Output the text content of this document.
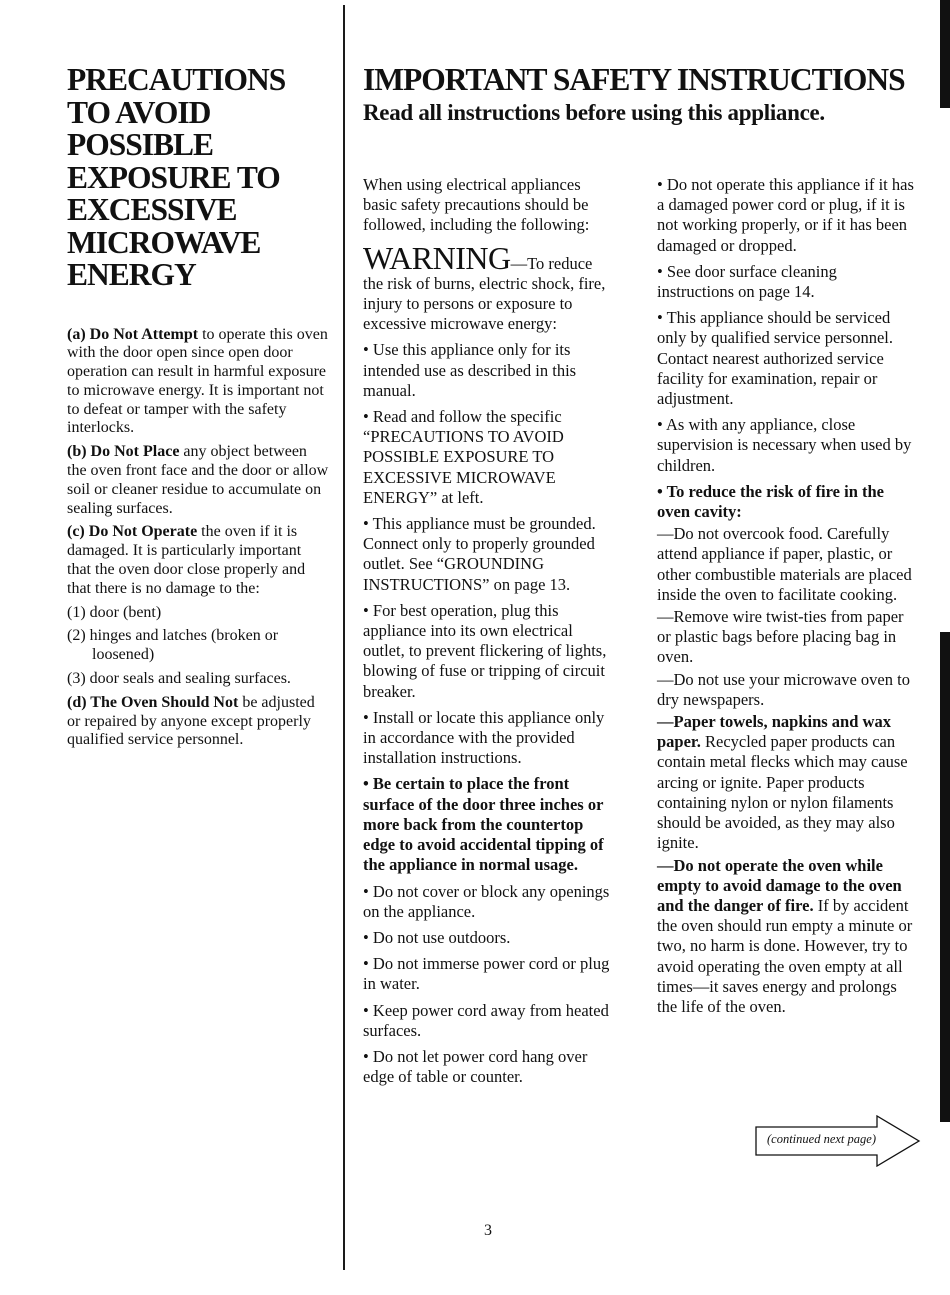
PRECAUTIONS TO AVOID POSSIBLE EXPOSURE TO EXCESSIVE MICROWAVE ENERGY

(a) Do Not Attempt to operate this oven with the door open since open door operation can result in harmful exposure to microwave energy. It is important not to defeat or tamper with the safety interlocks.

(b) Do Not Place any object between the oven front face and the door or allow soil or cleaner residue to accumulate on sealing surfaces.

(c) Do Not Operate the oven if it is damaged. It is particularly important that the oven door close properly and that there is no damage to the:

(1) door (bent)

(2) hinges and latches (broken or loosened)

(3) door seals and sealing surfaces.

(d) The Oven Should Not be adjusted or repaired by anyone except properly qualified service personnel.

IMPORTANT SAFETY INSTRUCTIONS
Read all instructions before using this appliance.

When using electrical appliances basic safety precautions should be followed, including the following:

WARNING—To reduce the risk of burns, electric shock, fire, injury to persons or exposure to excessive microwave energy:

• Use this appliance only for its intended use as described in this manual.

• Read and follow the specific “PRECAUTIONS TO AVOID POSSIBLE EXPOSURE TO EXCESSIVE MICROWAVE ENERGY” at left.

• This appliance must be grounded. Connect only to properly grounded outlet. See “GROUNDING INSTRUCTIONS” on page 13.

• For best operation, plug this appliance into its own electrical outlet, to prevent flickering of lights, blowing of fuse or tripping of circuit breaker.

• Install or locate this appliance only in accordance with the provided installation instructions.

• Be certain to place the front surface of the door three inches or more back from the countertop edge to avoid accidental tipping of the appliance in normal usage.

• Do not cover or block any openings on the appliance.

• Do not use outdoors.

• Do not immerse power cord or plug in water.

• Keep power cord away from heated surfaces.

• Do not let power cord hang over edge of table or counter.

• Do not operate this appliance if it has a damaged power cord or plug, if it is not working properly, or if it has been damaged or dropped.

• See door surface cleaning instructions on page 14.

• This appliance should be serviced only by qualified service personnel. Contact nearest authorized service facility for examination, repair or adjustment.

• As with any appliance, close supervision is necessary when used by children.

• To reduce the risk of fire in the oven cavity:

—Do not overcook food. Carefully attend appliance if paper, plastic, or other combustible materials are placed inside the oven to facilitate cooking.

—Remove wire twist-ties from paper or plastic bags before placing bag in oven.

—Do not use your microwave oven to dry newspapers.

—Paper towels, napkins and wax paper. Recycled paper products can contain metal flecks which may cause arcing or ignite. Paper products containing nylon or nylon filaments should be avoided, as they may also ignite.

—Do not operate the oven while empty to avoid damage to the oven and the danger of fire. If by accident the oven should run empty a minute or two, no harm is done. However, try to avoid operating the oven empty at all times—it saves energy and prolongs the life of the oven.

(continued next page)
3
